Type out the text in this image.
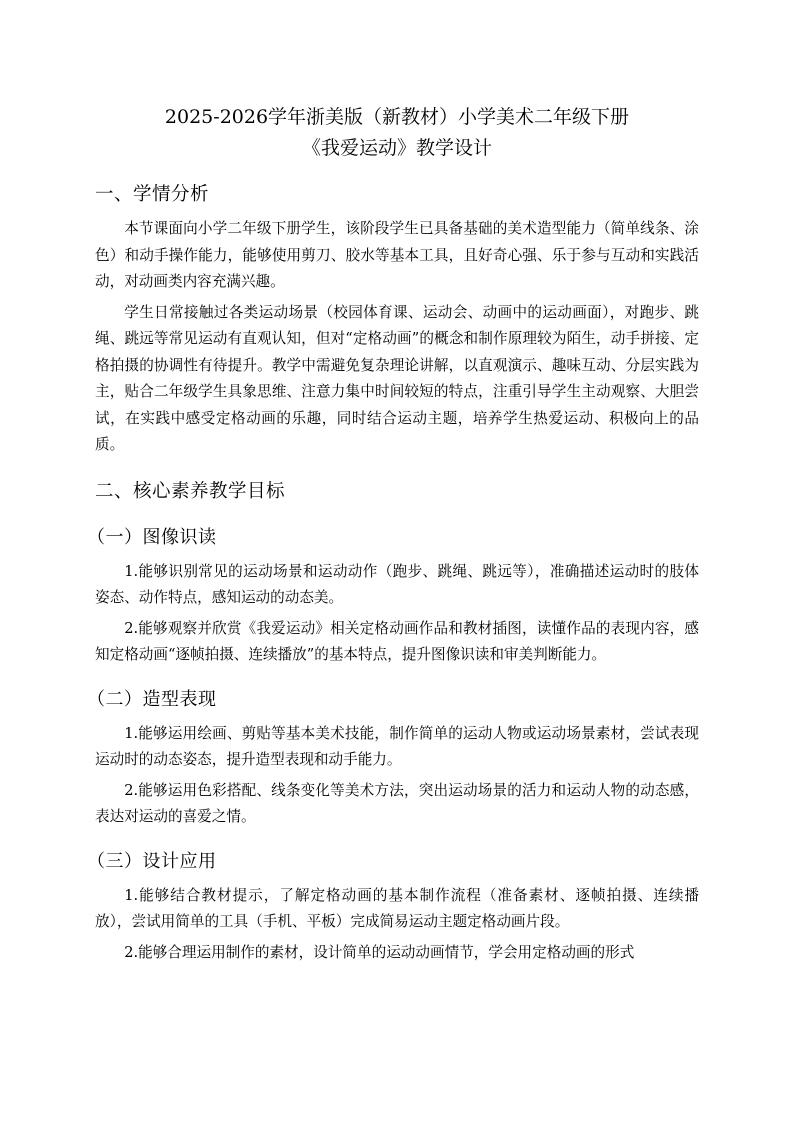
2025-2026学年浙美版（新教材）小学美术二年级下册

《我爱运动》教学设计

一、学情分析

本节课面向小学二年级下册学生，该阶段学生已具备基础的美术造型能力（简单线条、涂色）和动手操作能力，能够使用剪刀、胶水等基本工具，且好奇心强、乐于参与互动和实践活动，对动画类内容充满兴趣。

学生日常接触过各类运动场景（校园体育课、运动会、动画中的运动画面），对跑步、跳绳、跳远等常见运动有直观认知，但对“定格动画”的概念和制作原理较为陌生，动手拼接、定格拍摄的协调性有待提升。教学中需避免复杂理论讲解，以直观演示、趣味互动、分层实践为主，贴合二年级学生具象思维、注意力集中时间较短的特点，注重引导学生主动观察、大胆尝试，在实践中感受定格动画的乐趣，同时结合运动主题，培养学生热爱运动、积极向上的品质。

二、核心素养教学目标
（一）图像识读

1.能够识别常见的运动场景和运动动作（跑步、跳绳、跳远等），准确描述运动时的肢体姿态、动作特点，感知运动的动态美。

2.能够观察并欣赏《我爱运动》相关定格动画作品和教材插图，读懂作品的表现内容，感知定格动画“逐帧拍摄、连续播放”的基本特点，提升图像识读和审美判断能力。

（二）造型表现

1.能够运用绘画、剪贴等基本美术技能，制作简单的运动人物或运动场景素材，尝试表现运动时的动态姿态，提升造型表现和动手能力。

2.能够运用色彩搭配、线条变化等美术方法，突出运动场景的活力和运动人物的动态感，表达对运动的喜爱之情。

（三）设计应用

1.能够结合教材提示，了解定格动画的基本制作流程（准备素材、逐帧拍摄、连续播放），尝试用简单的工具（手机、平板）完成简易运动主题定格动画片段。

2.能够合理运用制作的素材，设计简单的运动动画情节，学会用定格动画的形式
